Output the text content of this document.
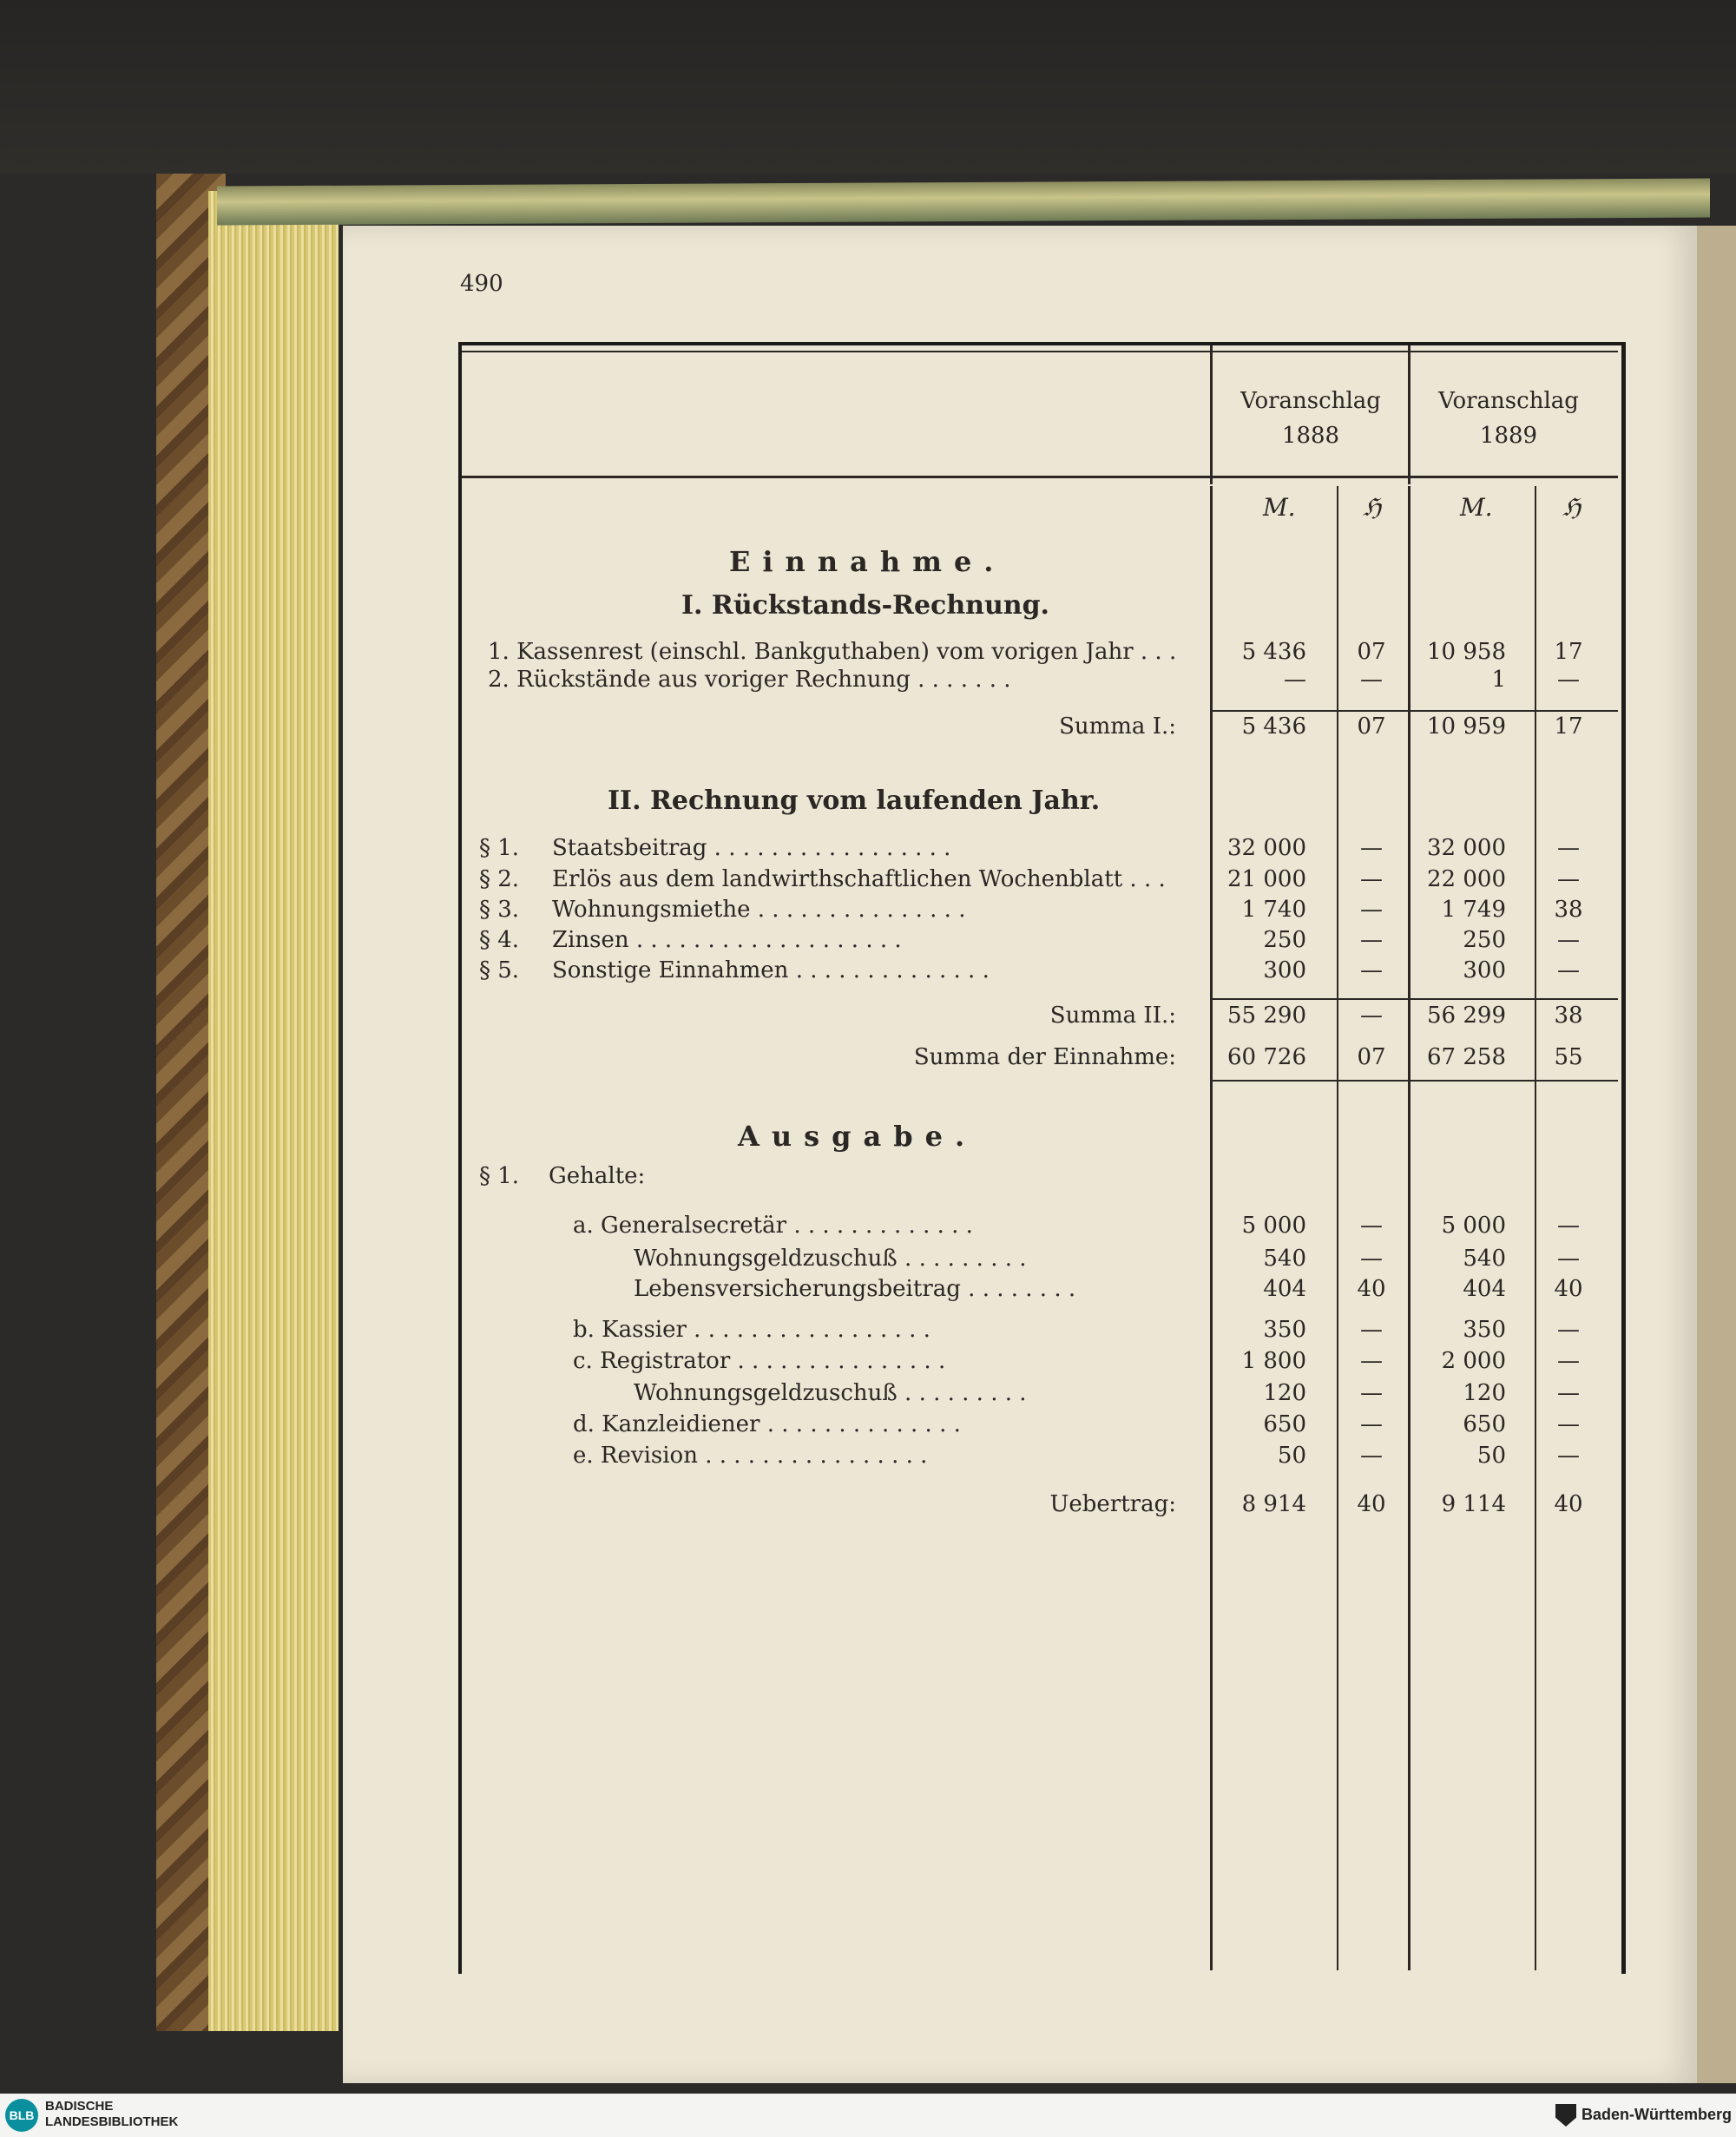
490
Voranschlag
1888
Voranschlag
1889
M.	ℌ	M.	ℌ
Einnahme.
I. Rückstands-Rechnung.
1. Kassenrest (einschl. Bankguthaben) vom vorigen Jahr . . .	5 436	07	10 958	17
2. Rückstände aus voriger Rechnung . . . . . . .	—	—	1	—
Summa I.:	5 436	07	10 959	17
II. Rechnung vom laufenden Jahr.
§ 1. Staatsbeitrag . . . . . . . . . . . . . . . . .	32 000	—	32 000	—
§ 2. Erlös aus dem landwirthschaftlichen Wochenblatt . . .	21 000	—	22 000	—
§ 3. Wohnungsmiethe . . . . . . . . . . . . . . .	1 740	—	1 749	38
§ 4. Zinsen . . . . . . . . . . . . . . . . . . .	250	—	250	—
§ 5. Sonstige Einnahmen . . . . . . . . . . . . . .	300	—	300	—
Summa II.: 55 290	—	56 299	38
Summa der Einnahme: 60 726	07	67 258	55
Ausgabe.
§ 1. Gehalte:
a. Generalsecretär . . . . . . . . . . . . .	5 000	—	5 000	—
Wohnungsgeldzuschuß . . . . . . . . .	540	—	540	—
Lebensversicherungsbeitrag . . . . . . . .	404	40	404	40
b. Kassier . . . . . . . . . . . . . . . . .	350	—	350	—
c. Registrator . . . . . . . . . . . . . . .	1 800	—	2 000	—
Wohnungsgeldzuschuß . . . . . . . . .	120	—	120	—
d. Kanzleidiener . . . . . . . . . . . . . .	650	—	650	—
e. Revision . . . . . . . . . . . . . . . .	50	—	50	—
Uebertrag:	8 914	40	9 114	40
BLB
BADISCHE
LANDESBIBLIOTHEK	Baden-Württemberg
